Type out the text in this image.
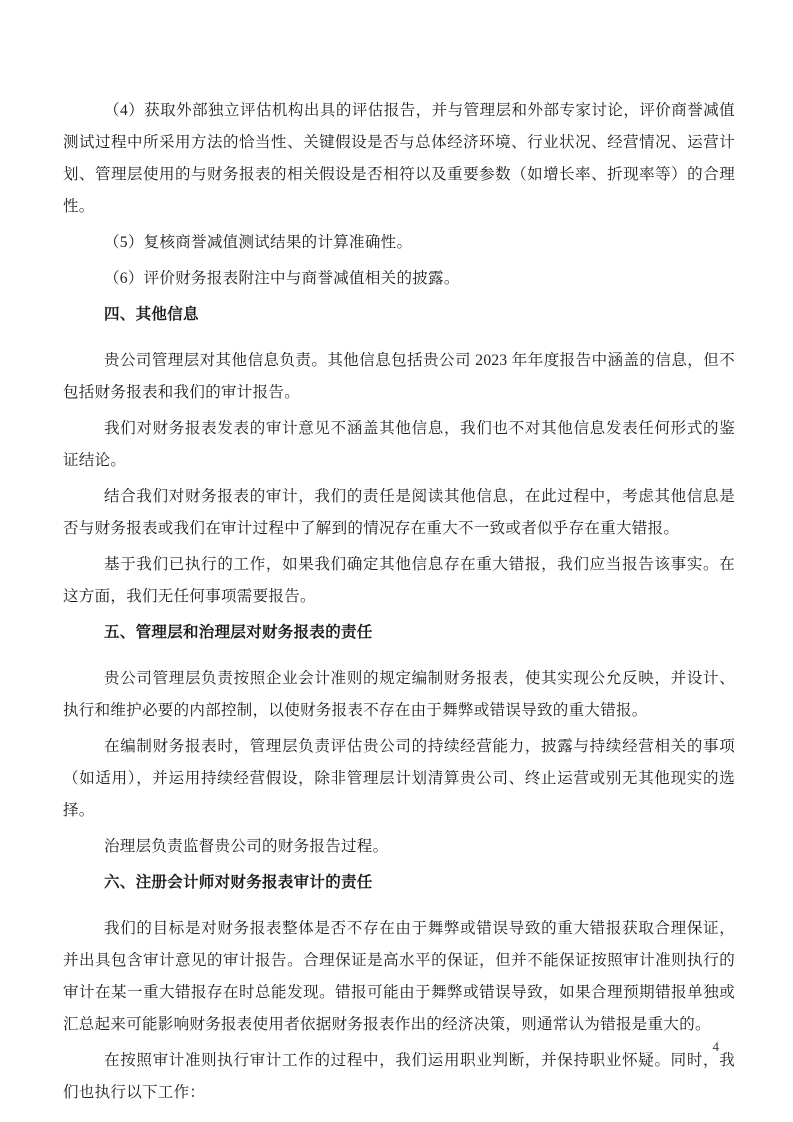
（4）获取外部独立评估机构出具的评估报告，并与管理层和外部专家讨论，评价商誉减值测试过程中所采用方法的恰当性、关键假设是否与总体经济环境、行业状况、经营情况、运营计划、管理层使用的与财务报表的相关假设是否相符以及重要参数（如增长率、折现率等）的合理性。

（5）复核商誉减值测试结果的计算准确性。

（6）评价财务报表附注中与商誉减值相关的披露。

四、其他信息

贵公司管理层对其他信息负责。其他信息包括贵公司 2023 年年度报告中涵盖的信息，但不包括财务报表和我们的审计报告。

我们对财务报表发表的审计意见不涵盖其他信息，我们也不对其他信息发表任何形式的鉴证结论。

结合我们对财务报表的审计，我们的责任是阅读其他信息，在此过程中，考虑其他信息是否与财务报表或我们在审计过程中了解到的情况存在重大不一致或者似乎存在重大错报。

基于我们已执行的工作，如果我们确定其他信息存在重大错报，我们应当报告该事实。在这方面，我们无任何事项需要报告。

五、管理层和治理层对财务报表的责任

贵公司管理层负责按照企业会计准则的规定编制财务报表，使其实现公允反映，并设计、执行和维护必要的内部控制，以使财务报表不存在由于舞弊或错误导致的重大错报。

在编制财务报表时，管理层负责评估贵公司的持续经营能力，披露与持续经营相关的事项（如适用），并运用持续经营假设，除非管理层计划清算贵公司、终止运营或别无其他现实的选择。

治理层负责监督贵公司的财务报告过程。

六、注册会计师对财务报表审计的责任

我们的目标是对财务报表整体是否不存在由于舞弊或错误导致的重大错报获取合理保证，并出具包含审计意见的审计报告。合理保证是高水平的保证，但并不能保证按照审计准则执行的审计在某一重大错报存在时总能发现。错报可能由于舞弊或错误导致，如果合理预期错报单独或汇总起来可能影响财务报表使用者依据财务报表作出的经济决策，则通常认为错报是重大的。

在按照审计准则执行审计工作的过程中，我们运用职业判断，并保持职业怀疑。同时，我们也执行以下工作：

4
